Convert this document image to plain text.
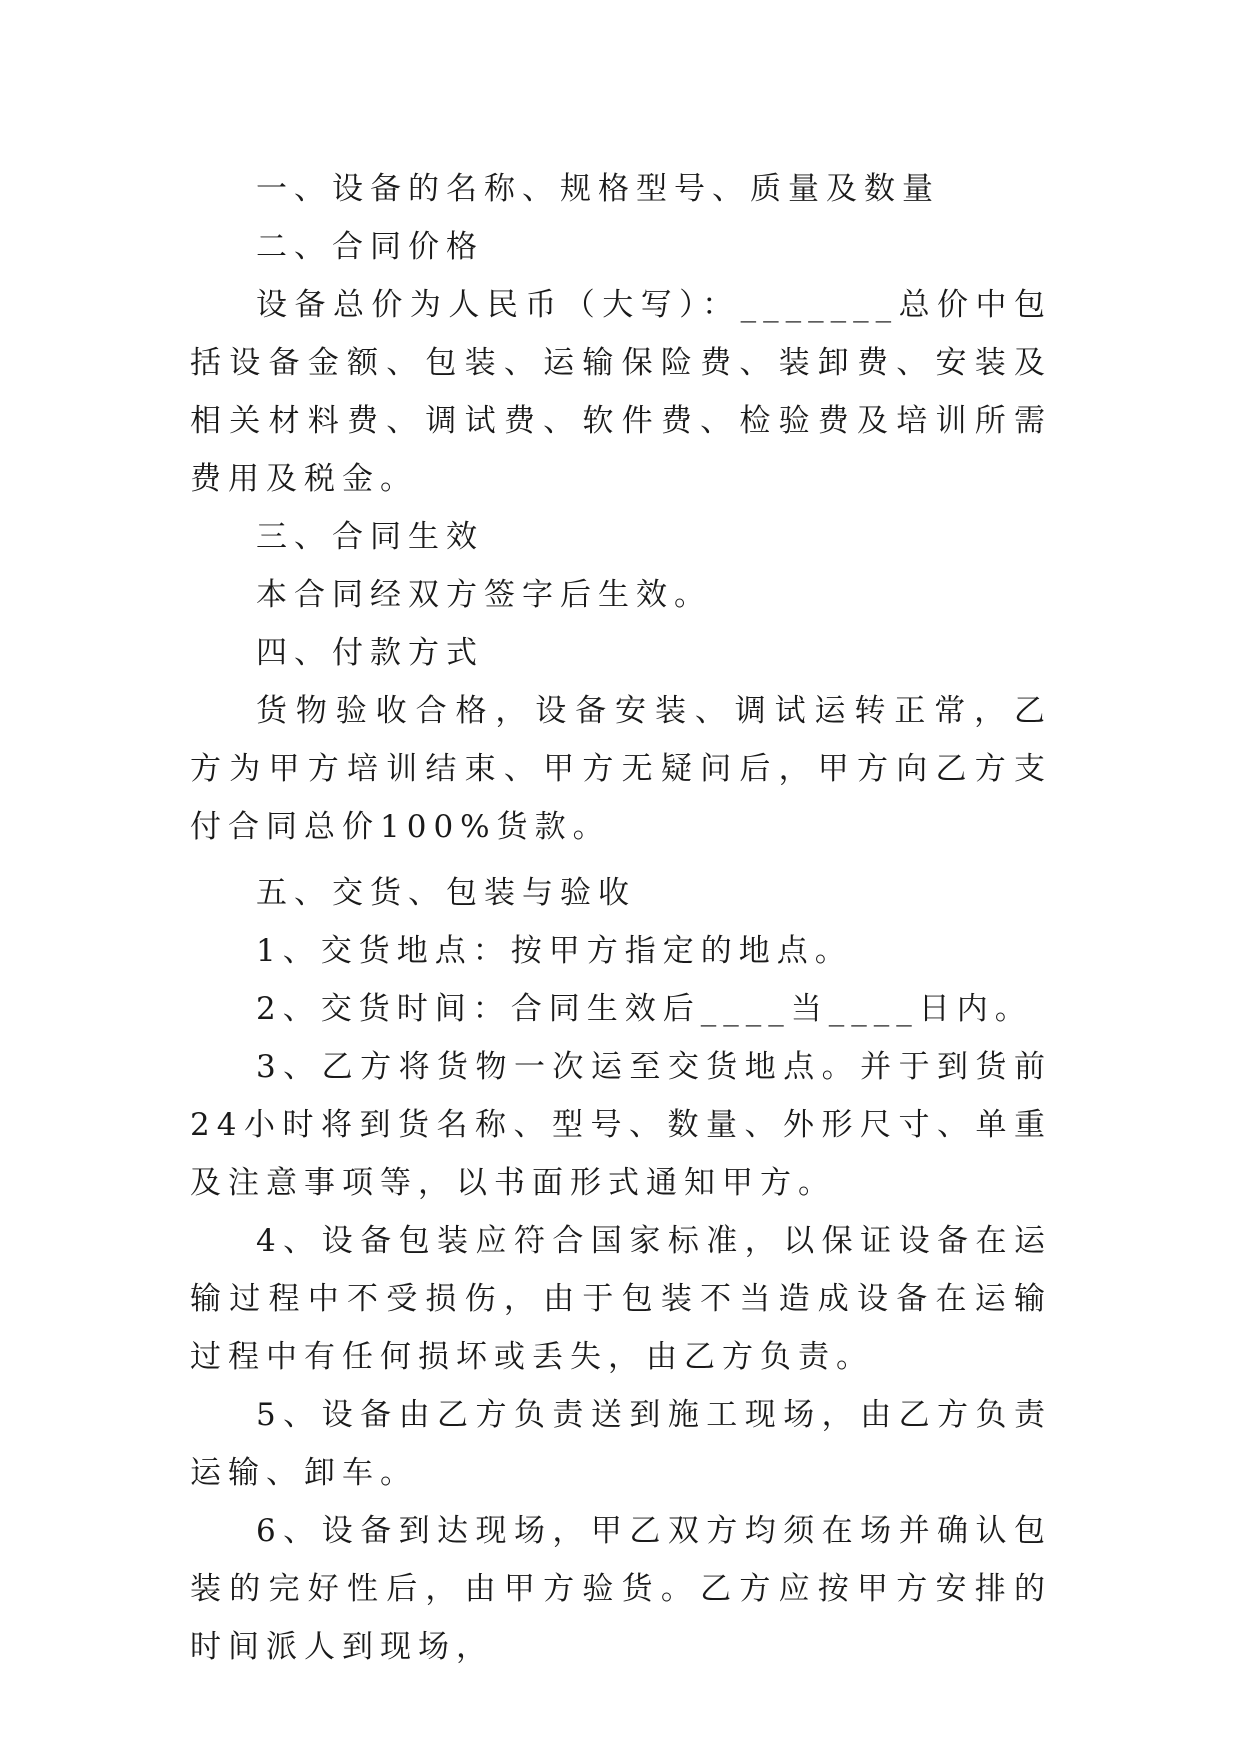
一、设备的名称、规格型号、质量及数量

二、合同价格

设备总价为人民币（大写）：_______总价中包括设备金额、包装、运输保险费、装卸费、安装及相关材料费、调试费、软件费、检验费及培训所需费用及税金。

三、合同生效

本合同经双方签字后生效。

四、付款方式

货物验收合格，设备安装、调试运转正常，乙方为甲方培训结束、甲方无疑问后，甲方向乙方支付合同总价100%货款。

五、交货、包装与验收

1、交货地点：按甲方指定的地点。

2、交货时间：合同生效后____当____日内。

3、乙方将货物一次运至交货地点。并于到货前24小时将到货名称、型号、数量、外形尺寸、单重及注意事项等，以书面形式通知甲方。

4、设备包装应符合国家标准，以保证设备在运输过程中不受损伤，由于包装不当造成设备在运输过程中有任何损坏或丢失，由乙方负责。

5、设备由乙方负责送到施工现场，由乙方负责运输、卸车。

6、设备到达现场，甲乙双方均须在场并确认包装的完好性后，由甲方验货。乙方应按甲方安排的时间派人到现场，
